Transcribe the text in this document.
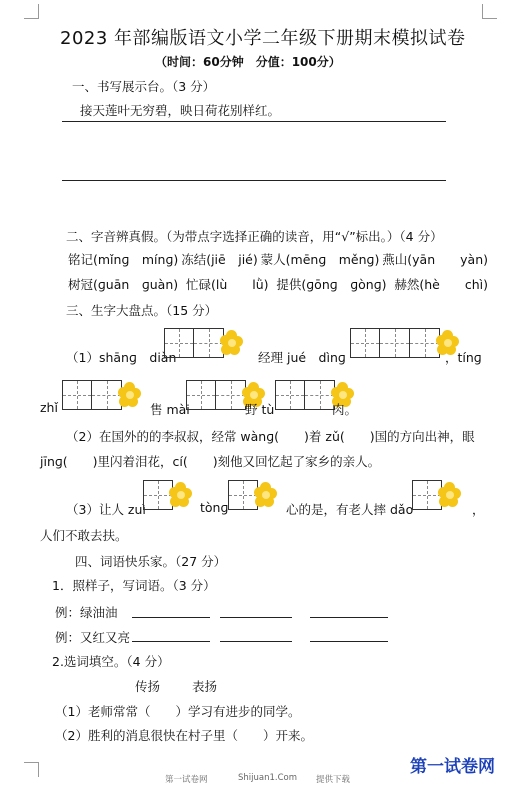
2023 年部编版语文小学二年级下册期末模拟试卷
（时间：60分钟　分值：100分）
一、书写展示台。（3 分）
接天莲叶无穷碧，映日荷花别样红。
二、字音辨真假。（为带点字选择正确的读音，用“√”标出。）（4 分）
铭记(mǐnɡ　mínɡ) 冻结(jiē　jié) 蒙人(mēnɡ　měnɡ) 燕山(yān　　yàn)
树冠(ɡuān　ɡuàn) 忙碌(lù　　lǜ) 提供(ɡōnɡ　ɡònɡ) 赫然(hè　　chì)
三、生字大盘点。（15 分）
（1）shānɡ　diàn	经理 jué　dìnɡ	，tínɡ
zhǐ	售 mài	野 tù	肉。
（2）在国外的的李叔叔，经常 wànɡ(　　)着 zǔ(　　)国的方向出神，眼
jīnɡ(　　)里闪着泪花，cí(　　)刻他又回忆起了家乡的亲人。
（3）让人 zuì	tònɡ	心的是，有老人摔 dǎo	，
人们不敢去扶。
四、词语快乐家。（27 分）
1．照样子，写词语。（3 分）
例：绿油油
例：又红又亮
2.选词填空。（4 分）
传扬	表扬
（1）老师常常（　　）学习有进步的同学。
（2）胜利的消息很快在村子里（　　）开来。
第一试卷网	Shijuan1.Com 提供下载
第一试卷网
